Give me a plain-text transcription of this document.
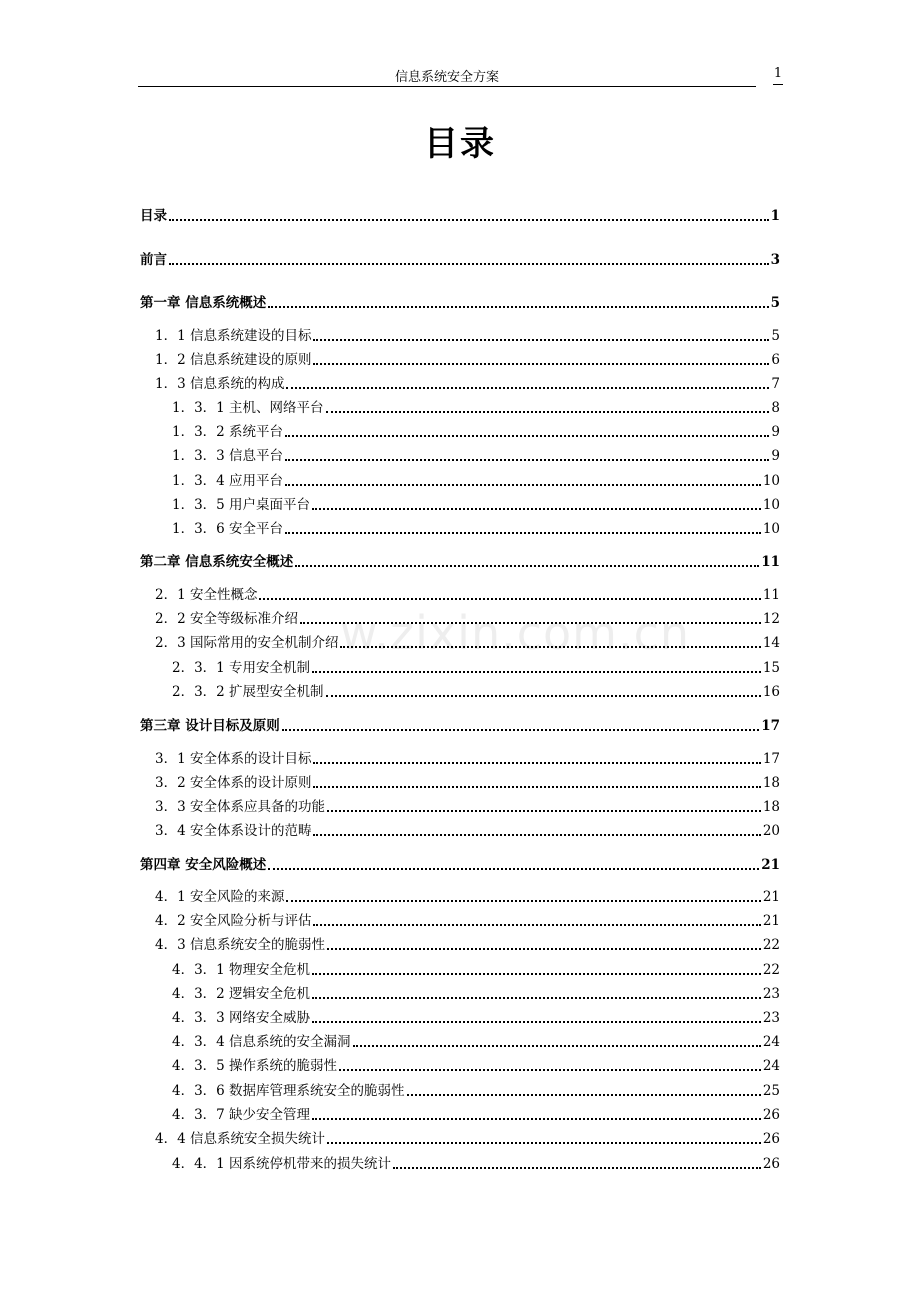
信息系统安全方案	1
目录
w.zixin.com.cn
目录	1
前言	3
第一章 信息系统概述	5
1．1 信息系统建设的目标	5
1．2 信息系统建设的原则	6
1．3 信息系统的构成	7
1．3．1 主机、网络平台	8
1．3．2 系统平台	9
1．3．3 信息平台	9
1．3．4 应用平台	10
1．3．5 用户桌面平台	10
1．3．6 安全平台	10
第二章 信息系统安全概述	11
2．1 安全性概念	11
2．2 安全等级标准介绍	12
2．3 国际常用的安全机制介绍	14
2．3．1 专用安全机制	15
2．3．2 扩展型安全机制	16
第三章 设计目标及原则	17
3．1 安全体系的设计目标	17
3．2 安全体系的设计原则	18
3．3 安全体系应具备的功能	18
3．4 安全体系设计的范畴	20
第四章 安全风险概述	21
4．1 安全风险的来源	21
4．2 安全风险分析与评估	21
4．3 信息系统安全的脆弱性	22
4．3．1 物理安全危机	22
4．3．2 逻辑安全危机	23
4．3．3 网络安全威胁	23
4．3．4 信息系统的安全漏洞	24
4．3．5 操作系统的脆弱性	24
4．3．6 数据库管理系统安全的脆弱性	25
4．3．7 缺少安全管理	26
4．4 信息系统安全损失统计	26
4．4．1 因系统停机带来的损失统计	26
